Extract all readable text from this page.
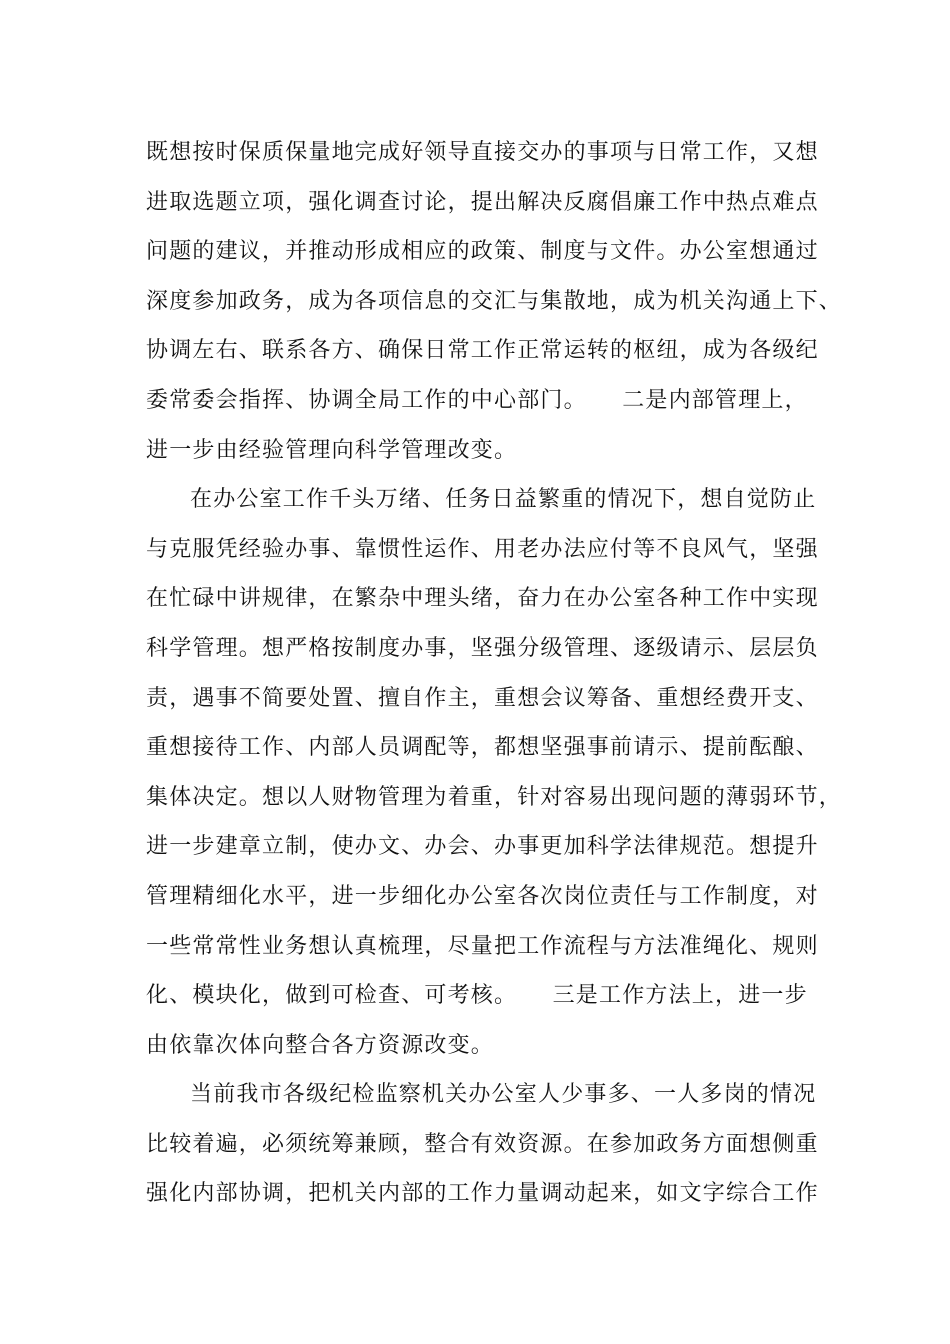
既想按时保质保量地完成好领导直接交办的事项与日常工作，又想
进取选题立项，强化调查讨论，提出解决反腐倡廉工作中热点难点
问题的建议，并推动形成相应的政策、制度与文件。办公室想通过
深度参加政务，成为各项信息的交汇与集散地，成为机关沟通上下、
协调左右、联系各方、确保日常工作正常运转的枢纽，成为各级纪
委常委会指挥、协调全局工作的中心部门。　　二是内部管理上，
进一步由经验管理向科学管理改变。
在办公室工作千头万绪、任务日益繁重的情况下，想自觉防止
与克服凭经验办事、靠惯性运作、用老办法应付等不良风气，坚强
在忙碌中讲规律，在繁杂中理头绪，奋力在办公室各种工作中实现
科学管理。想严格按制度办事，坚强分级管理、逐级请示、层层负
责，遇事不简要处置、擅自作主，重想会议筹备、重想经费开支、
重想接待工作、内部人员调配等，都想坚强事前请示、提前酝酿、
集体决定。想以人财物管理为着重，针对容易出现问题的薄弱环节，
进一步建章立制，使办文、办会、办事更加科学法律规范。想提升
管理精细化水平，进一步细化办公室各次岗位责任与工作制度，对
一些常常性业务想认真梳理，尽量把工作流程与方法准绳化、规则
化、模块化，做到可检查、可考核。　　三是工作方法上，进一步
由依靠次体向整合各方资源改变。
当前我市各级纪检监察机关办公室人少事多、一人多岗的情况
比较着遍，必须统筹兼顾，整合有效资源。在参加政务方面想侧重
强化内部协调，把机关内部的工作力量调动起来，如文字综合工作
